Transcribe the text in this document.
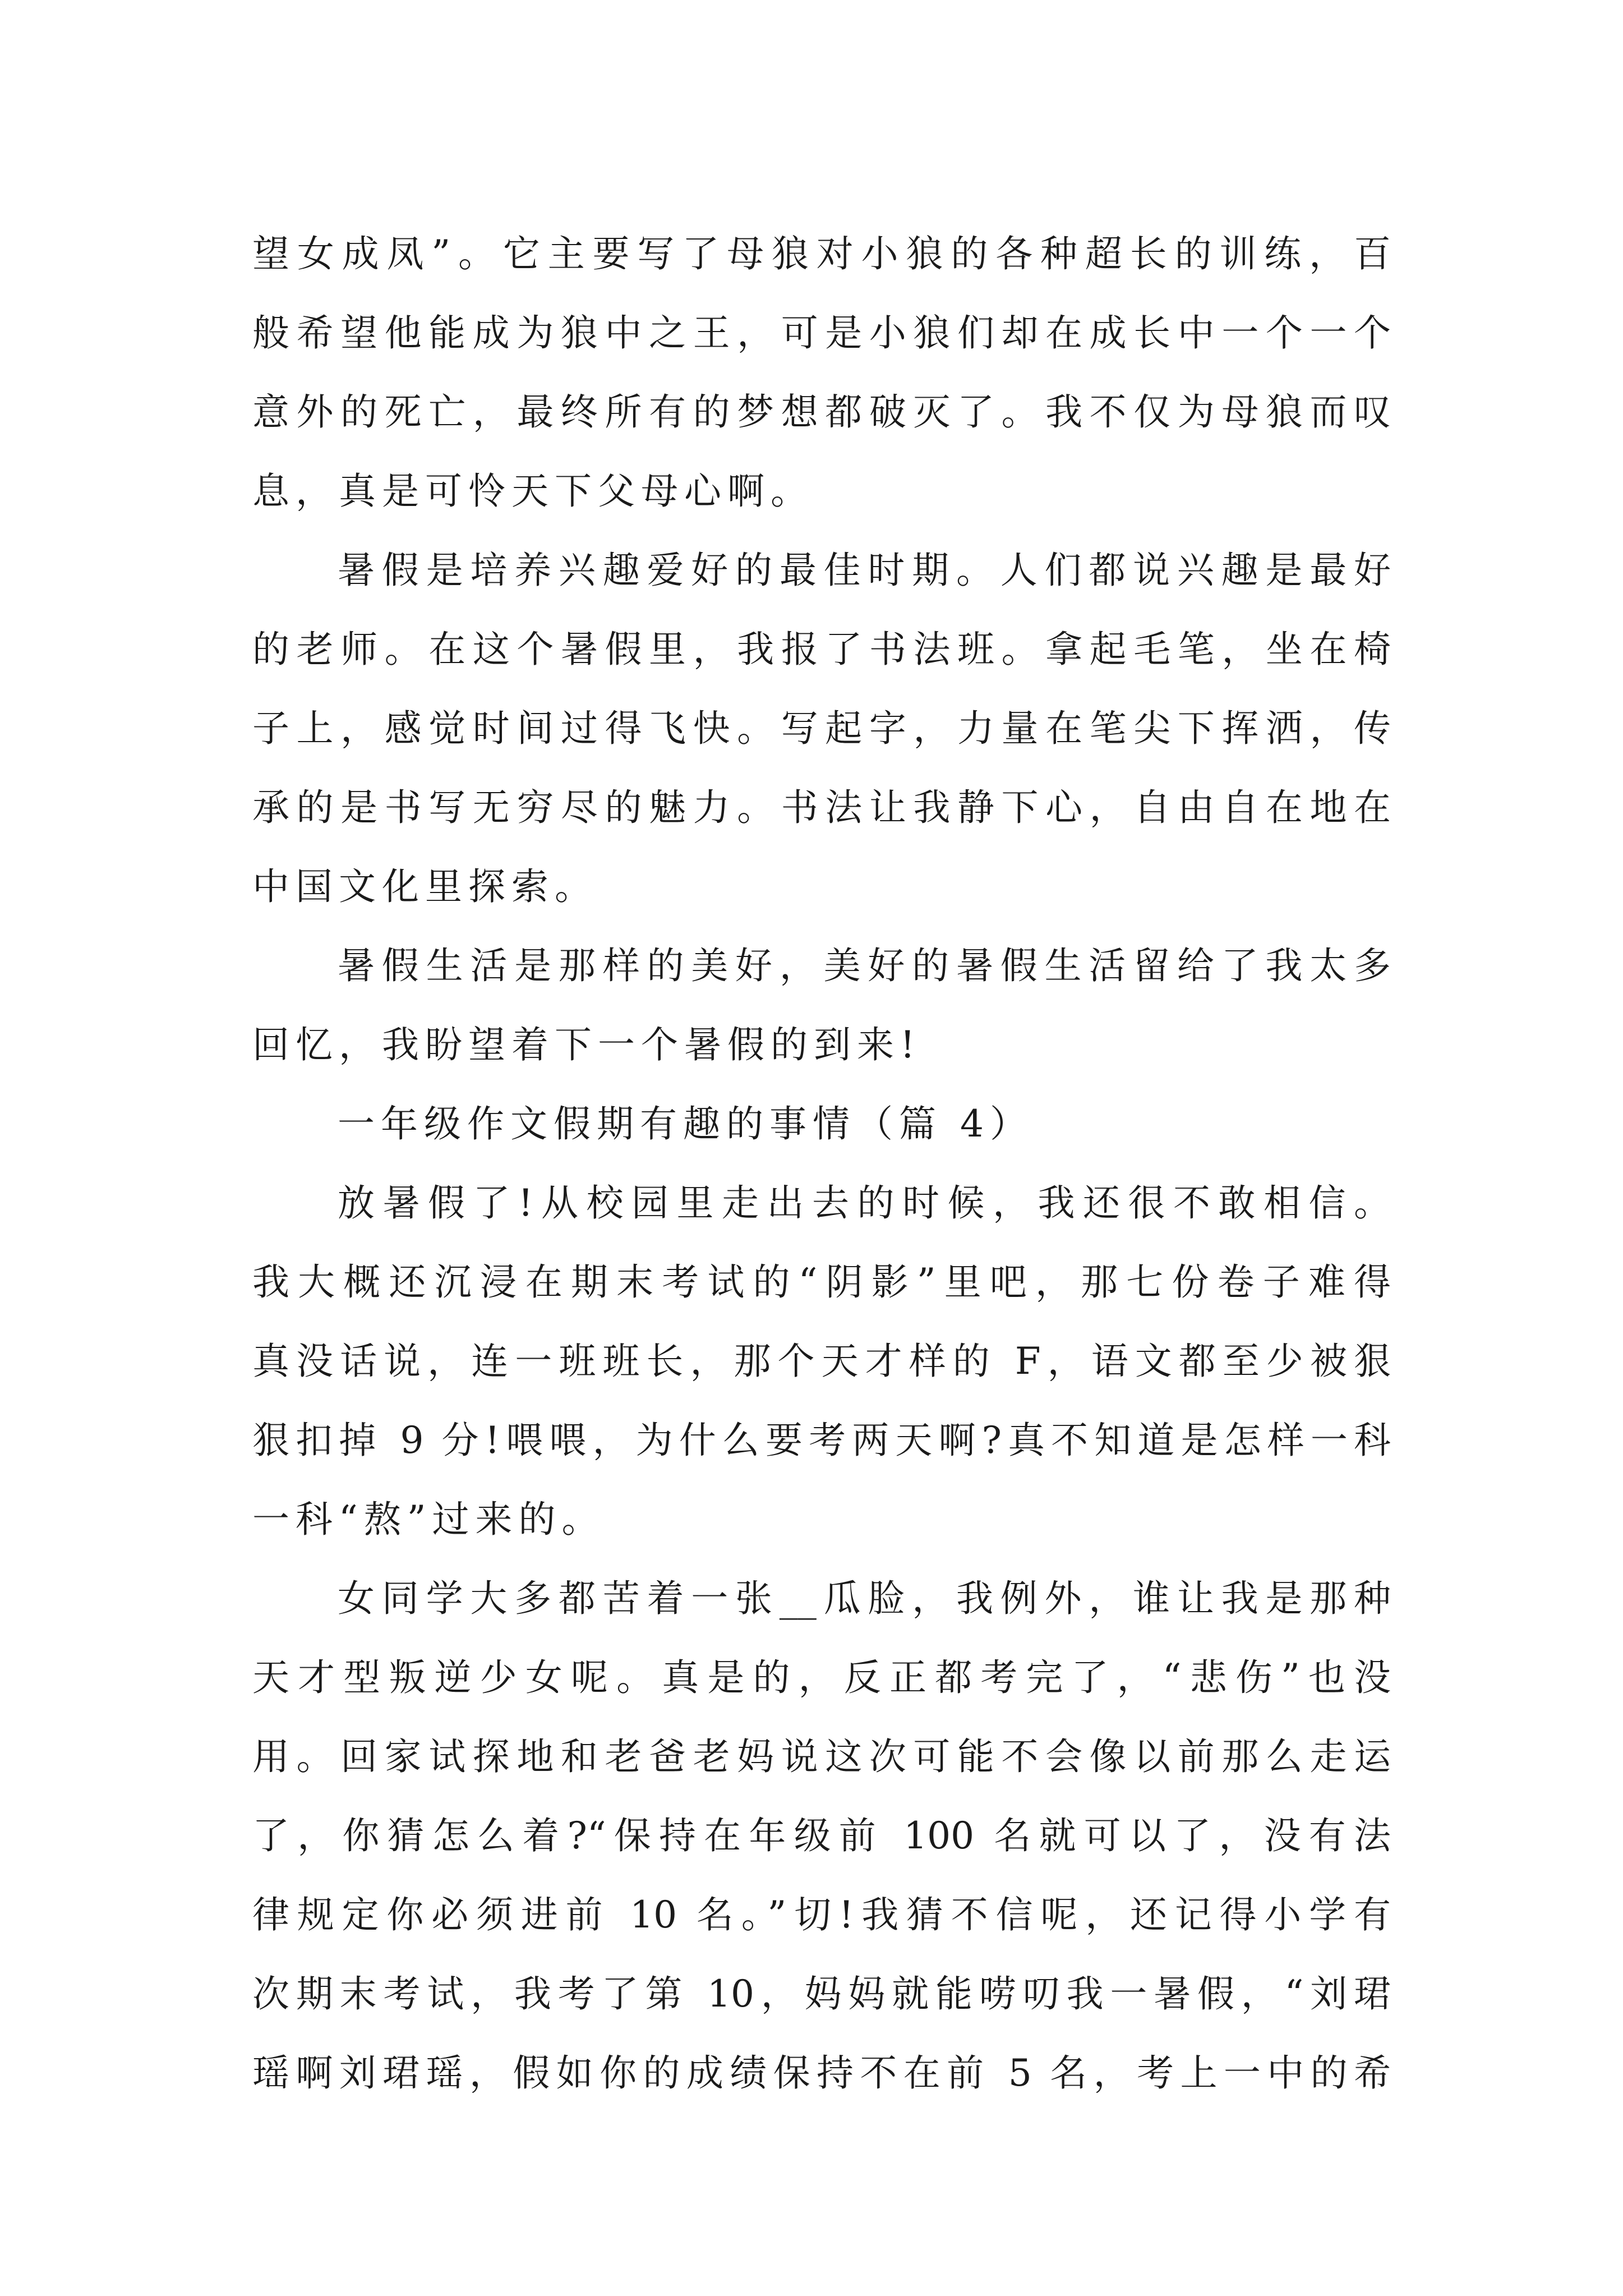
望女成凤”。它主要写了母狼对小狼的各种超长的训练，百
般希望他能成为狼中之王，可是小狼们却在成长中一个一个
意外的死亡，最终所有的梦想都破灭了。我不仅为母狼而叹
息，真是可怜天下父母心啊。
暑假是培养兴趣爱好的最佳时期。人们都说兴趣是最好
的老师。在这个暑假里，我报了书法班。拿起毛笔，坐在椅
子上，感觉时间过得飞快。写起字，力量在笔尖下挥洒，传
承的是书写无穷尽的魅力。书法让我静下心，自由自在地在
中国文化里探索。
暑假生活是那样的美好，美好的暑假生活留给了我太多
回忆，我盼望着下一个暑假的到来!
一年级作文假期有趣的事情（篇 4）
放暑假了!从校园里走出去的时候，我还很不敢相信。
我大概还沉浸在期末考试的“阴影”里吧，那七份卷子难得
真没话说，连一班班长，那个天才样的 F，语文都至少被狠
狠扣掉 9 分!喂喂，为什么要考两天啊?真不知道是怎样一科
一科“熬”过来的。
女同学大多都苦着一张__瓜脸，我例外，谁让我是那种
天才型叛逆少女呢。真是的，反正都考完了，“悲伤”也没
用。回家试探地和老爸老妈说这次可能不会像以前那么走运
了，你猜怎么着?“保持在年级前 100 名就可以了，没有法
律规定你必须进前 10 名。”切!我猜不信呢，还记得小学有
次期末考试，我考了第 10，妈妈就能唠叨我一暑假，“刘珺
瑶啊刘珺瑶，假如你的成绩保持不在前 5 名，考上一中的希
